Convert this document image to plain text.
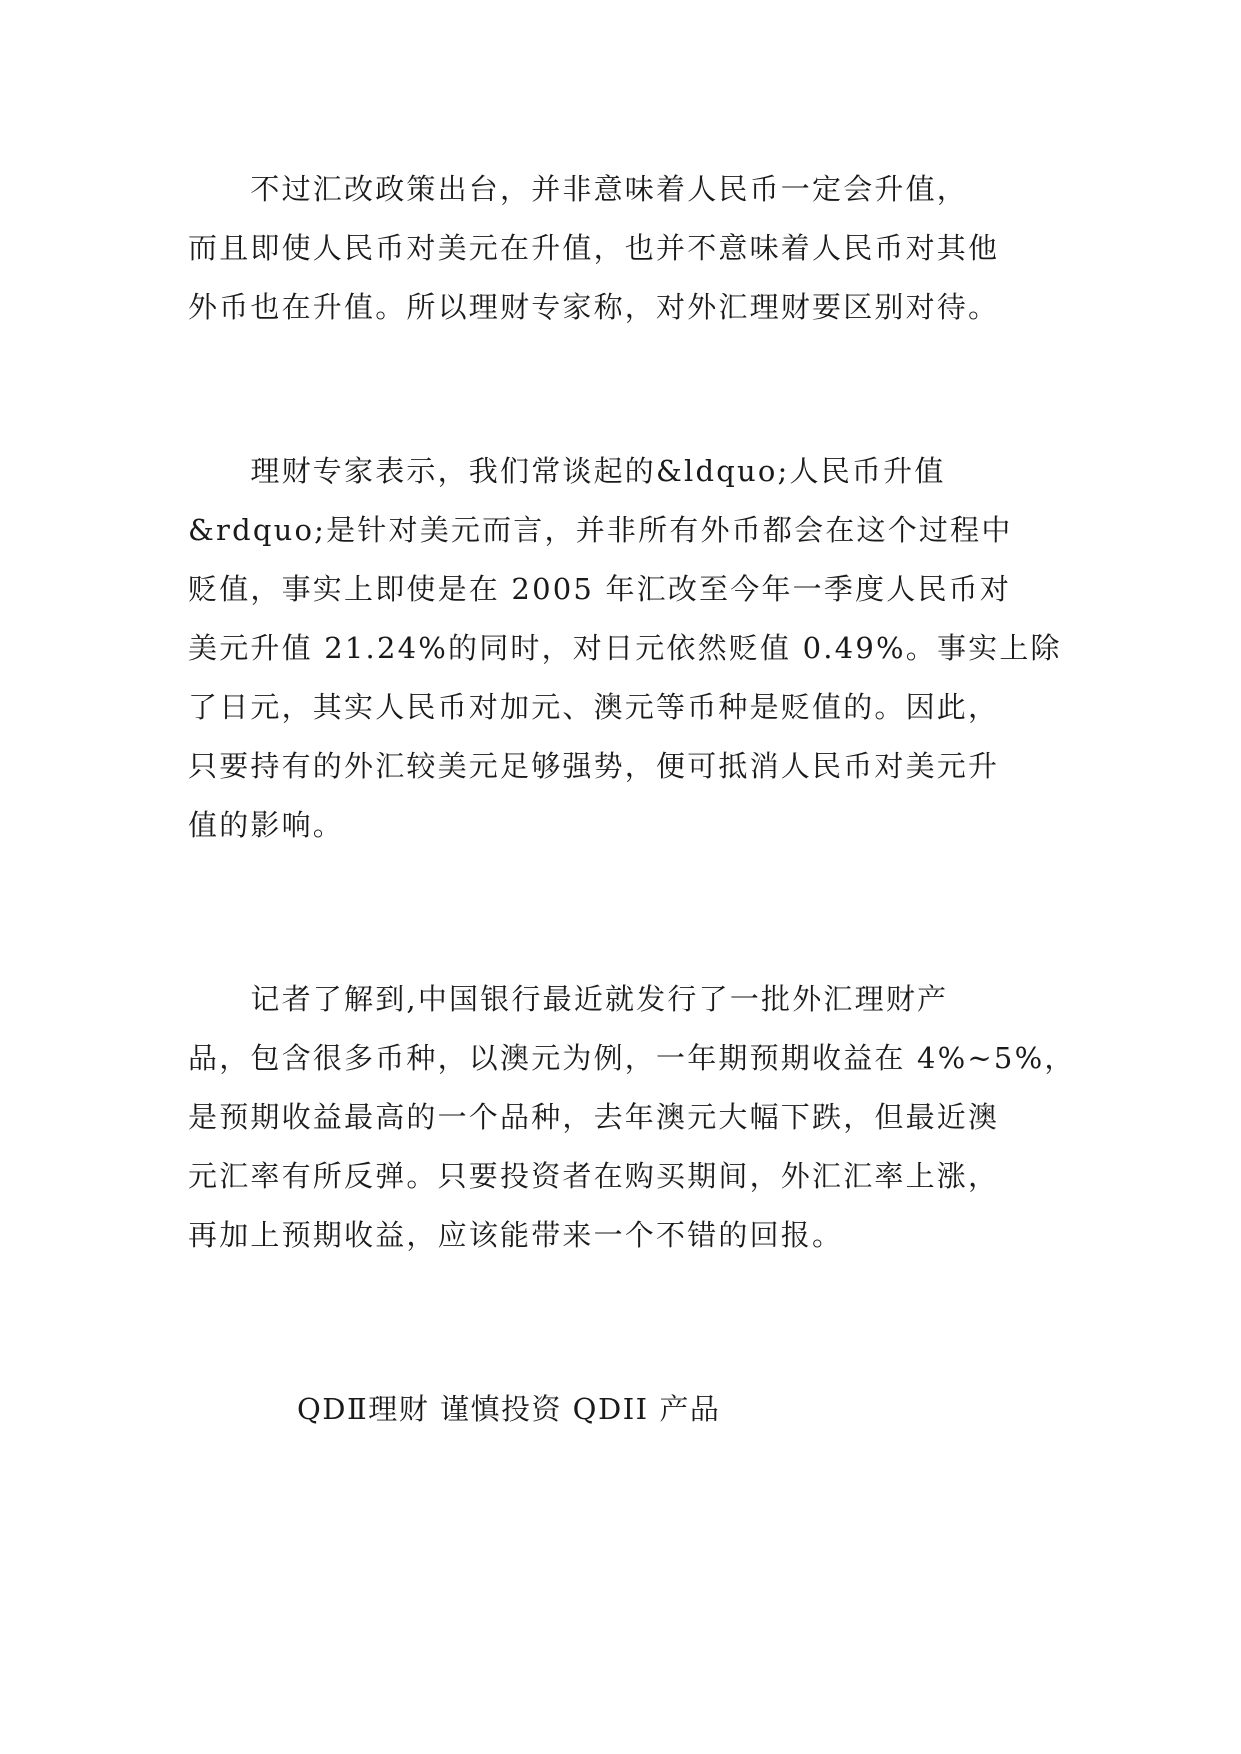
　　不过汇改政策出台，并非意味着人民币一定会升值，
而且即使人民币对美元在升值，也并不意味着人民币对其他
外币也在升值。所以理财专家称，对外汇理财要区别对待。

　　理财专家表示，我们常谈起的&ldquo;人民币升值
&rdquo;是针对美元而言，并非所有外币都会在这个过程中
贬值，事实上即使是在 2005 年汇改至今年一季度人民币对
美元升值 21.24%的同时，对日元依然贬值 0.49%。事实上除
了日元，其实人民币对加元、澳元等币种是贬值的。因此，
只要持有的外汇较美元足够强势，便可抵消人民币对美元升
值的影响。

　　记者了解到,中国银行最近就发行了一批外汇理财产
品，包含很多币种，以澳元为例，一年期预期收益在 4%~5%，
是预期收益最高的一个品种，去年澳元大幅下跌，但最近澳
元汇率有所反弹。只要投资者在购买期间，外汇汇率上涨，
再加上预期收益，应该能带来一个不错的回报。

QDⅡ理财 谨慎投资 QDII 产品
